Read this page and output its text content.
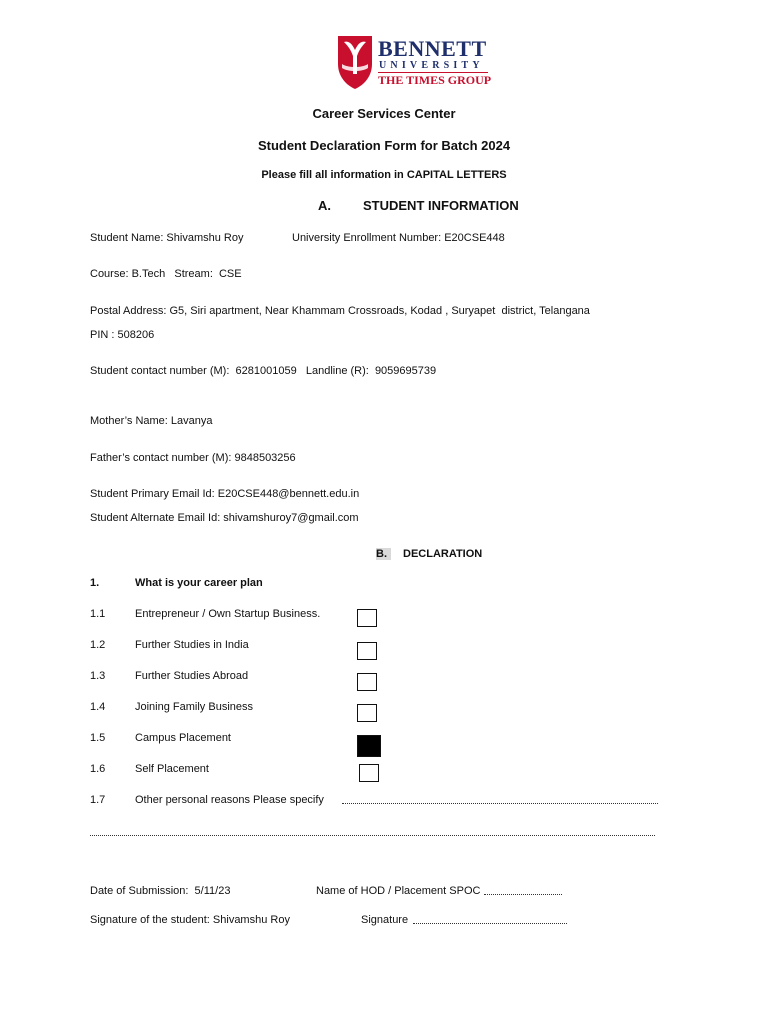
BENNETT
UNIVERSITY
THE TIMES GROUP
Career Services Center
Student Declaration Form for Batch 2024
Please fill all information in CAPITAL LETTERS
A. STUDENT INFORMATION
Student Name: Shivamshu Roy	University Enrollment Number: E20CSE448
Course: B.Tech   Stream:  CSE
Postal Address: G5, Siri apartment, Near Khammam Crossroads, Kodad , Suryapet  district, Telangana
PIN : 508206
Student contact number (M):  6281001059   Landline (R):  9059695739
Mother’s Name: Lavanya
Father’s contact number (M): 9848503256
Student Primary Email Id: E20CSE448@bennett.edu.in
Student Alternate Email Id: shivamshuroy7@gmail.com
B. DECLARATION
1.	What is your career plan
1.1	Entrepreneur / Own Startup Business.
1.2	Further Studies in India
1.3	Further Studies Abroad
1.4	Joining Family Business
1.5	Campus Placement
1.6	Self Placement
1.7	Other personal reasons Please specify
Date of Submission:  5/11/23	Name of HOD / Placement SPOC
Signature of the student: Shivamshu Roy	Signature
